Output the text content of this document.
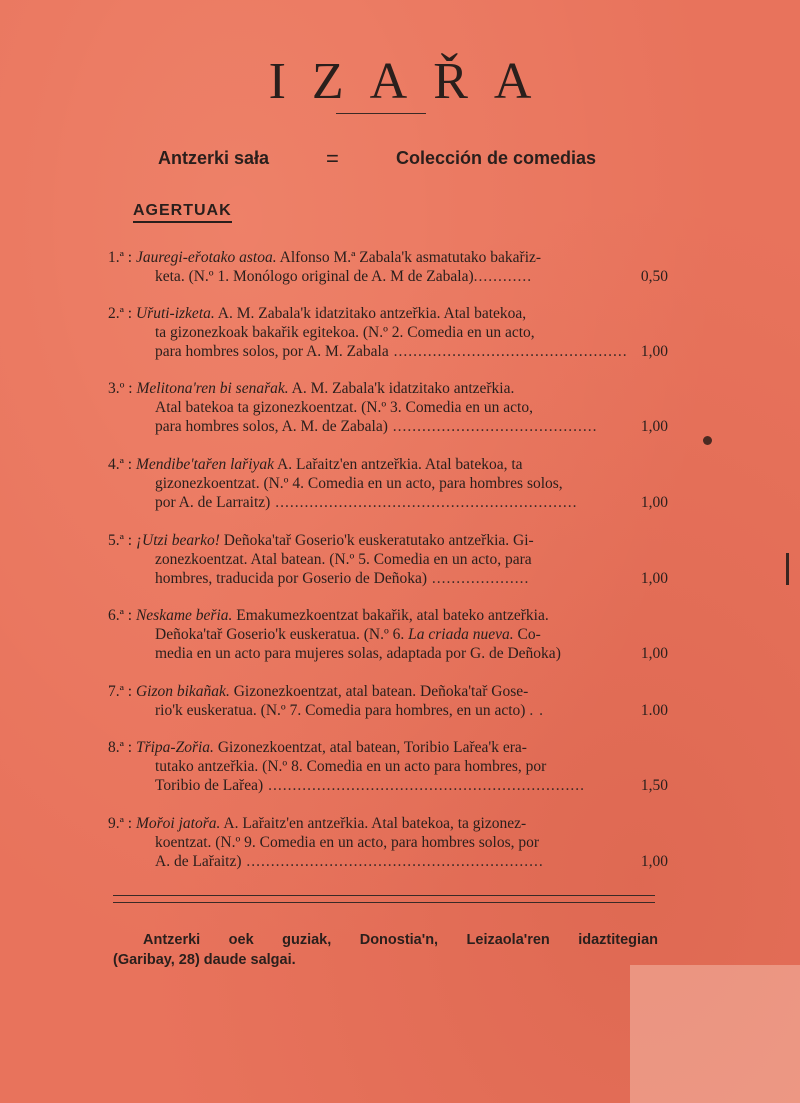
IZAŘA
Antzerki sała	=	Colección de comedias
AGERTUAK
1.ª : Jauregi-eřotako astoa. Alfonso M.ª Zabala'k asmatutako bakařiz-
keta. (N.º 1. Monólogo original de A. M de Zabala)............	0,50
2.ª : Uřuti-izketa. A. M. Zabala'k idatzitako antzeřkia. Atal batekoa,
ta gizonezkoak bakařik egitekoa. (N.º 2. Comedia en un acto,
para hombres solos, por A. M. Zabala ................................................ 1,00
3.º : Melitona'ren bi senařak. A. M. Zabala'k idatzitako antzeřkia.
Atal batekoa ta gizonezkoentzat. (N.º 3. Comedia en un acto,
para hombres solos, A. M. de Zabala) ..........................................	1,00
4.ª : Mendibe'tařen lařiyak A. Lařaitz'en antzeřkia. Atal batekoa, ta
gizonezkoentzat. (N.º 4. Comedia en un acto, para hombres solos,
por A. de Larraitz) ..............................................................	1,00
5.ª : ¡Utzi bearko! Deñoka'tař Goserio'k euskeratutako antzeřkia. Gi-
zonezkoentzat. Atal batean. (N.º 5. Comedia en un acto, para
hombres, traducida por Goserio de Deñoka) ....................	1,00
6.ª : Neskame beřia. Emakumezkoentzat bakařik, atal bateko antzeřkia.
Deñoka'tař Goserio'k euskeratua. (N.º 6. La criada nueva. Co-
media en un acto para mujeres solas, adaptada por G. de Deñoka)	1,00
7.ª : Gizon bikañak. Gizonezkoentzat, atal batean. Deñoka'tař Gose-
rio'k euskeratua. (N.º 7. Comedia para hombres, en un acto) . .	1.00
8.ª : Třipa-Zořia. Gizonezkoentzat, atal batean, Toribio Lařea'k era-
tutako antzeřkia. (N.º 8. Comedia en un acto para hombres, por
Toribio de Lařea) .................................................................	1,50
9.ª : Mořoi jatořa. A. Lařaitz'en antzeřkia. Atal batekoa, ta gizonez-
koentzat. (N.º 9. Comedia en un acto, para hombres solos, por
A. de Lařaitz) .............................................................	1,00
Antzerki oek guziak, Donostia'n, Leizaola'ren idaztitegian
(Garibay, 28) daude salgai.
